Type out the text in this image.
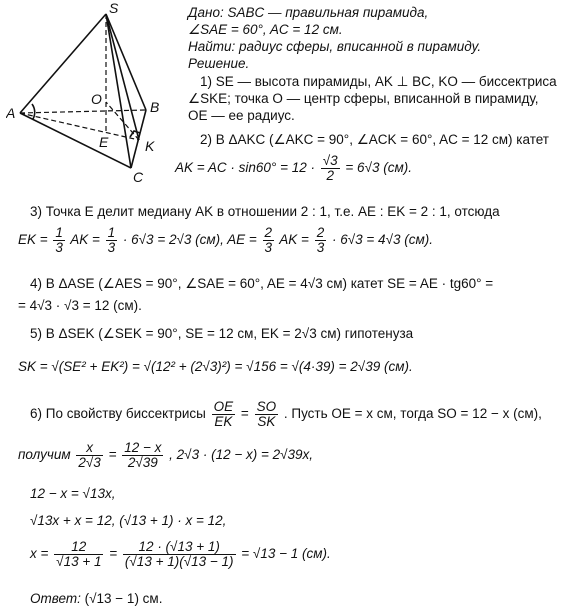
S
A	B
C
O
E	K
Дано: SABC — правильная пирамида,
∠SAE = 60°, AC = 12 см.
Найти: радиус сферы, вписанной в пирамиду.
Решение.
1) SE — высота пирамиды, AK ⊥ BC, KO — биссектриса
∠SKE; точка O — центр сферы, вписанной в пирамиду,
OE — ее радиус.
2) В ΔAKC (∠AKC = 90°, ∠ACK = 60°, AC = 12 см) катет
AK = AC · $\sin 60^\circ = 12 \cdot \frac{√3}{2} = 6√3$ (см).
3) Точка E делит медиану AK в отношении 2 : 1, т.е. AE : EK = 2 : 1, отсюда
EK = $\frac{1}{3}$ AK = $\frac{1}{3} \cdot 6√3 = 2√3$ (см), AE = $\frac{2}{3}$ AK = $\frac{2}{3} \cdot 6√3 = 4√3$ (см).
4) В ΔASE (∠AES = 90°, ∠SAE = 60°, AE = 4√3 см) катет SE = AE · tg60° =
= 4√3 · √3 = 12 (см).
5) В ΔSEK (∠SEK = 90°, SE = 12 см, EK = 2√3 см) гипотенуза
SK = √(SE² + EK²) = √(12² + (2√3)²) = √156 = √(4·39) = 2√39 (см).
6) По свойству биссектрисы $\frac{OE}{EK} = \frac{SO}{SK}$ . Пусть OE = x см, тогда SO = 12 − x (см),
получим $\frac{x}{2√3} = \frac{12 - x}{2√39}$ , 2√3 · (12 − x) = 2√39x,
12 − x = √13x,
√13x + x = 12, (√13 + 1) · x = 12,
$x = \frac{12}{√13 + 1} = \frac{12 \cdot (√13 + 1)}{(√13 + 1)(√13 - 1)} = √13 - 1$ (см).
Ответ: (√13 − 1) см.
